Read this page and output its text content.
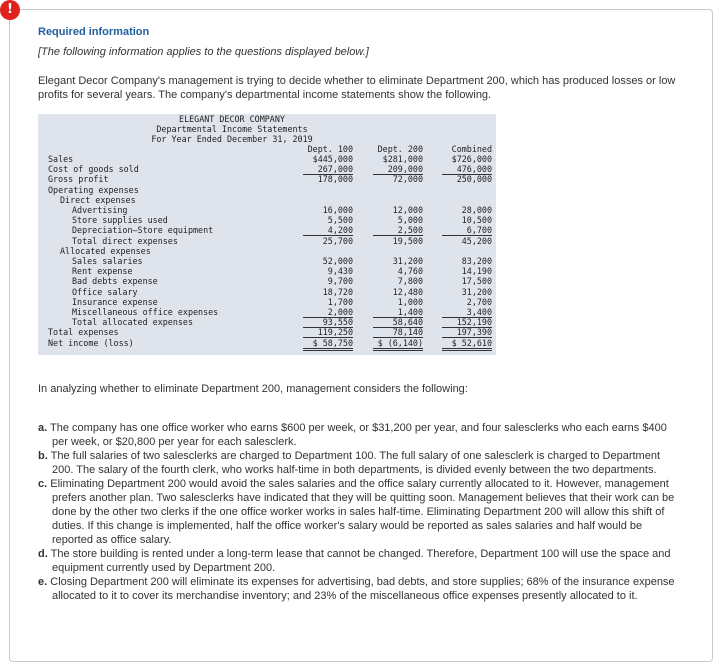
!
Required information
[The following information applies to the questions displayed below.]
Elegant Decor Company's management is trying to decide whether to eliminate Department 200, which has produced losses or low profits for several years. The company's departmental income statements show the following.
ELEGANT DECOR COMPANY
Departmental Income Statements
For Year Ended December 31, 2019
Dept. 100	Dept. 200	Combined
Sales	$445,000	$281,000	$726,000
Cost of goods sold	267,000	209,000	476,000
Gross profit	178,000	72,000	250,000
Operating expenses
Direct expenses
Advertising	16,000	12,000	28,000
Store supplies used	5,500	5,000	10,500
Depreciation—Store equipment	4,200	2,500	6,700
Total direct expenses	25,700	19,500	45,200
Allocated expenses
Sales salaries	52,000	31,200	83,200
Rent expense	9,430	4,760	14,190
Bad debts expense	9,700	7,800	17,500
Office salary	18,720	12,480	31,200
Insurance expense	1,700	1,000	2,700
Miscellaneous office expenses	2,000	1,400	3,400
Total allocated expenses	93,550	58,640	152,190
Total expenses	119,250	78,140	197,390
Net income (loss)	$ 58,750	$ (6,140)	$ 52,610
In analyzing whether to eliminate Department 200, management considers the following:
a. The company has one office worker who earns $600 per week, or $31,200 per year, and four salesclerks who each earns $400 per week, or $20,800 per year for each salesclerk.
b. The full salaries of two salesclerks are charged to Department 100. The full salary of one salesclerk is charged to Department 200. The salary of the fourth clerk, who works half-time in both departments, is divided evenly between the two departments.
c. Eliminating Department 200 would avoid the sales salaries and the office salary currently allocated to it. However, management prefers another plan. Two salesclerks have indicated that they will be quitting soon. Management believes that their work can be done by the other two clerks if the one office worker works in sales half-time. Eliminating Department 200 will allow this shift of duties. If this change is implemented, half the office worker's salary would be reported as sales salaries and half would be reported as office salary.
d. The store building is rented under a long-term lease that cannot be changed. Therefore, Department 100 will use the space and equipment currently used by Department 200.
e. Closing Department 200 will eliminate its expenses for advertising, bad debts, and store supplies; 68% of the insurance expense allocated to it to cover its merchandise inventory; and 23% of the miscellaneous office expenses presently allocated to it.
